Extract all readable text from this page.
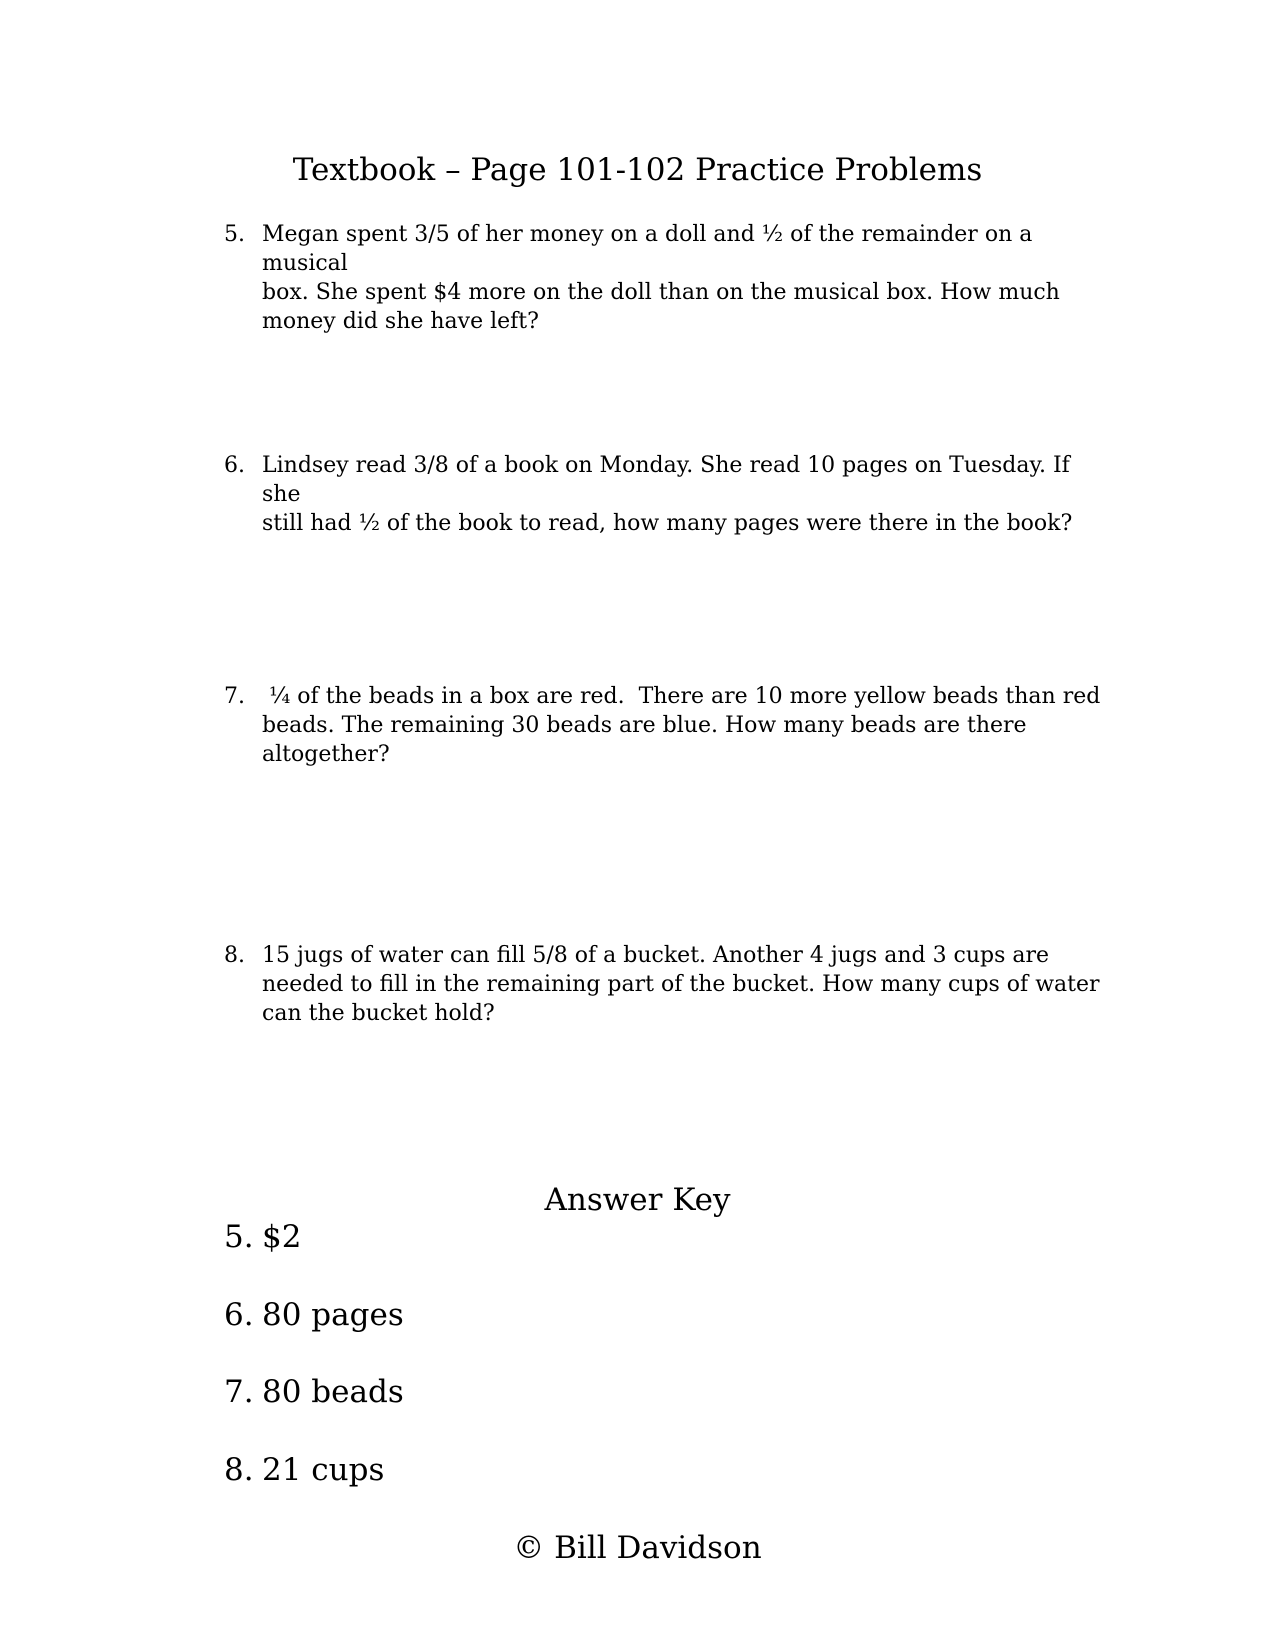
Textbook – Page 101-102 Practice Problems
5. Megan spent 3/5 of her money on a doll and ½ of the remainder on a musical
box. She spent $4 more on the doll than on the musical box. How much
money did she have left?
6. Lindsey read 3/8 of a book on Monday. She read 10 pages on Tuesday. If she
still had ½ of the book to read, how many pages were there in the book?
7. ¼ of the beads in a box are red.  There are 10 more yellow beads than red
beads. The remaining 30 beads are blue. How many beads are there
altogether?
8. 15 jugs of water can fill 5/8 of a bucket. Another 4 jugs and 3 cups are
needed to fill in the remaining part of the bucket. How many cups of water
can the bucket hold?
Answer Key
5. $2
6. 80 pages
7. 80 beads
8. 21 cups
© Bill Davidson
